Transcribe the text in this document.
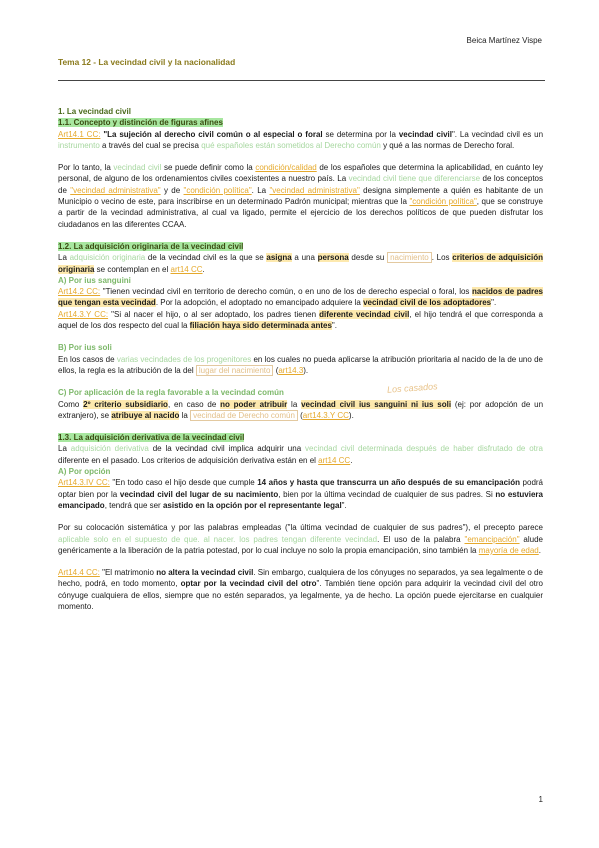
Beica Martínez Vispe
Tema 12 - La vecindad civil y la nacionalidad

1. La vecindad civil

1.1. Concepto y distinción de figuras afines

Art14.1 CC: "La sujeción al derecho civil común o al especial o foral se determina por la vecindad civil". La vecindad civil es un instrumento a través del cual se precisa qué españoles están sometidos al Derecho común y qué a las normas de Derecho foral.

Por lo tanto, la vecindad civil se puede definir como la condición/calidad de los españoles que determina la aplicabilidad, en cuánto ley personal, de alguno de los ordenamientos civiles coexistentes a nuestro país. La vecindad civil tiene que diferenciarse de los conceptos de "vecindad administrativa" y de "condición política". La "vecindad administrativa" designa simplemente a quién es habitante de un Municipio o vecino de este, para inscribirse en un determinado Padrón municipal; mientras que la "condición política", que se construye a partir de la vecindad administrativa, al cual va ligado, permite el ejercicio de los derechos políticos de que pueden disfrutar los ciudadanos en las diferentes CCAA.

1.2. La adquisición originaria de la vecindad civil

La adquisición originaria de la vecindad civil es la que se asigna a una persona desde su nacimiento . Los criterios de adquisición originaria se contemplan en el art14 CC.

A) Por ius sanguini

Art14.2 CC: "Tienen vecindad civil en territorio de derecho común, o en uno de los de derecho especial o foral, los nacidos de padres que tengan esta vecindad. Por la adopción, el adoptado no emancipado adquiere la vecindad civil de los adoptadores".

Art14.3.Y CC: "Si al nacer el hijo, o al ser adoptado, los padres tienen diferente vecindad civil, el hijo tendrá el que corresponda a aquel de los dos respecto del cual la filiación haya sido determinada antes".

B) Por ius soli

En los casos de varias vecindades de los progenitores en los cuales no pueda aplicarse la atribución prioritaria al nacido de la de uno de ellos, la regla es la atribución de la del lugar del nacimiento (art14.3).

C) Por aplicación de la regla favorable a la vecindad común

Como 2º criterio subsidiario, en caso de no poder atribuir la vecindad civil ius sanguini ni ius soli (ej: por adopción de un extranjero), se atribuye al nacido la vecindad de Derecho común (art14.3.Y CC).

1.3. La adquisición derivativa de la vecindad civil

La adquisición derivativa de la vecindad civil implica adquirir una vecindad civil determinada después de haber disfrutado de otra diferente en el pasado. Los criterios de adquisición derivativa están en el art14 CC.

A) Por opción

Art14.3.IV CC: "En todo caso el hijo desde que cumple 14 años y hasta que transcurra un año después de su emancipación podrá optar bien por la vecindad civil del lugar de su nacimiento, bien por la última vecindad de cualquier de sus padres. Si no estuviera emancipado, tendrá que ser asistido en la opción por el representante legal".

Por su colocación sistemática y por las palabras empleadas ("la última vecindad de cualquier de sus padres"), el precepto parece aplicable solo en el supuesto de que. al nacer. los padres tengan diferente vecindad. El uso de la palabra "emancipación" alude genéricamente a la liberación de la patria potestad, por lo cual incluye no solo la propia emancipación, sino también la mayoría de edad.

Art14.4 CC: "El matrimonio no altera la vecindad civil. Sin embargo, cualquiera de los cónyuges no separados, ya sea legalmente o de hecho, podrá, en todo momento, optar por la vecindad civil del otro". También tiene opción para adquirir la vecindad civil del otro cónyuge cualquiera de ellos, siempre que no estén separados, ya legalmente, ya de hecho. La opción puede ejercitarse en cualquier momento.

Los casados
1
